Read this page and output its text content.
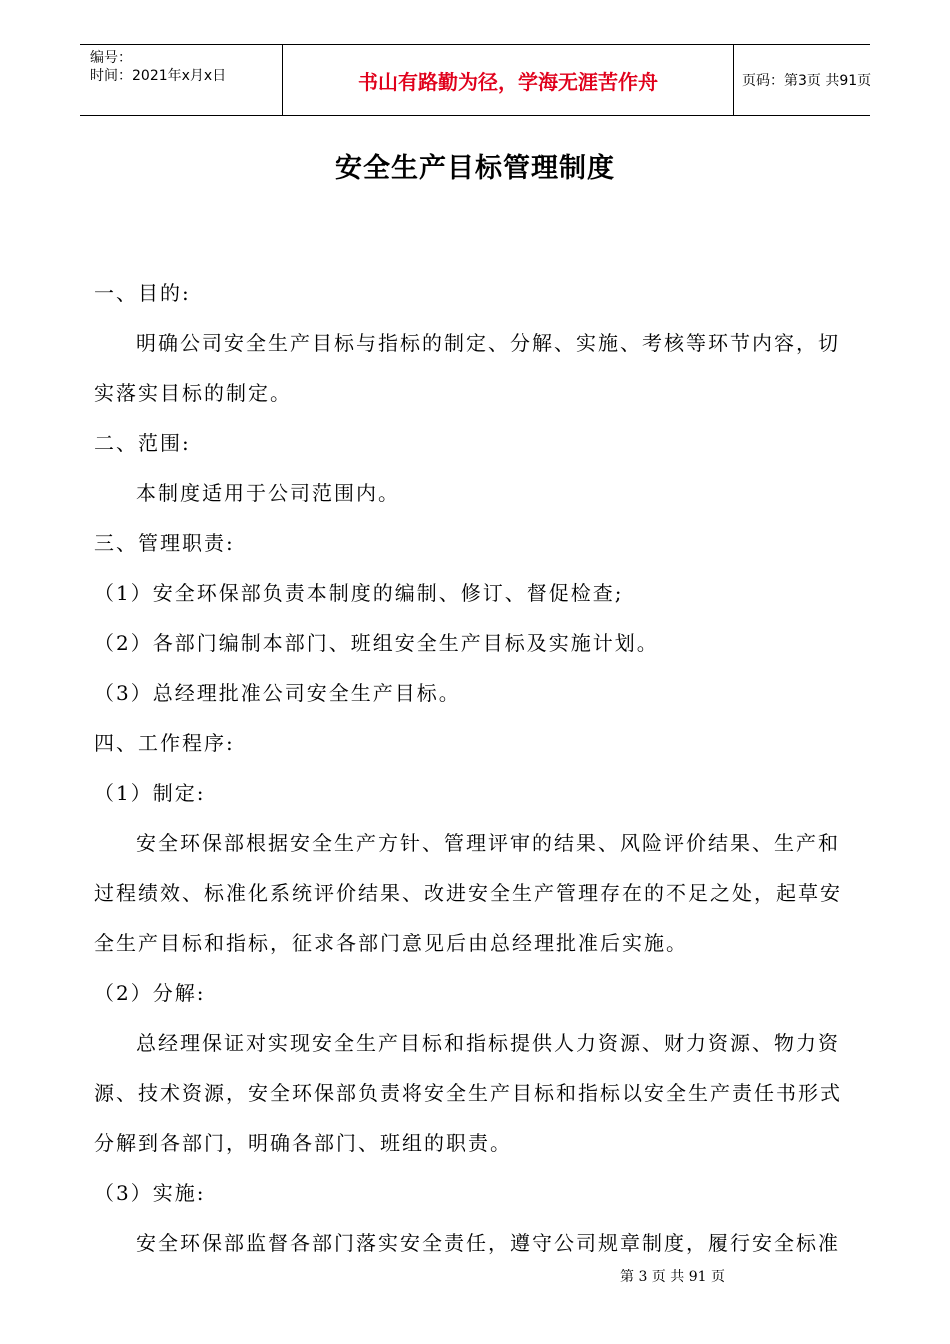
编号：
时间：2021年x月x日	书山有路勤为径，学海无涯苦作舟	页码：第3页 共91页
安全生产目标管理制度

一、目的:

明确公司安全生产目标与指标的制定、分解、实施、考核等环节内容，切

实落实目标的制定。

二、范围:

本制度适用于公司范围内。

三、管理职责:

（1）安全环保部负责本制度的编制、修订、督促检查;

（2）各部门编制本部门、班组安全生产目标及实施计划。

（3）总经理批准公司安全生产目标。

四、工作程序:

（1）制定:

安全环保部根据安全生产方针、管理评审的结果、风险评价结果、生产和

过程绩效、标准化系统评价结果、改进安全生产管理存在的不足之处，起草安

全生产目标和指标，征求各部门意见后由总经理批准后实施。

（2）分解:

总经理保证对实现安全生产目标和指标提供人力资源、财力资源、物力资

源、技术资源，安全环保部负责将安全生产目标和指标以安全生产责任书形式

分解到各部门，明确各部门、班组的职责。

（3）实施:

安全环保部监督各部门落实安全责任，遵守公司规章制度，履行安全标准

第 3 页 共 91 页
